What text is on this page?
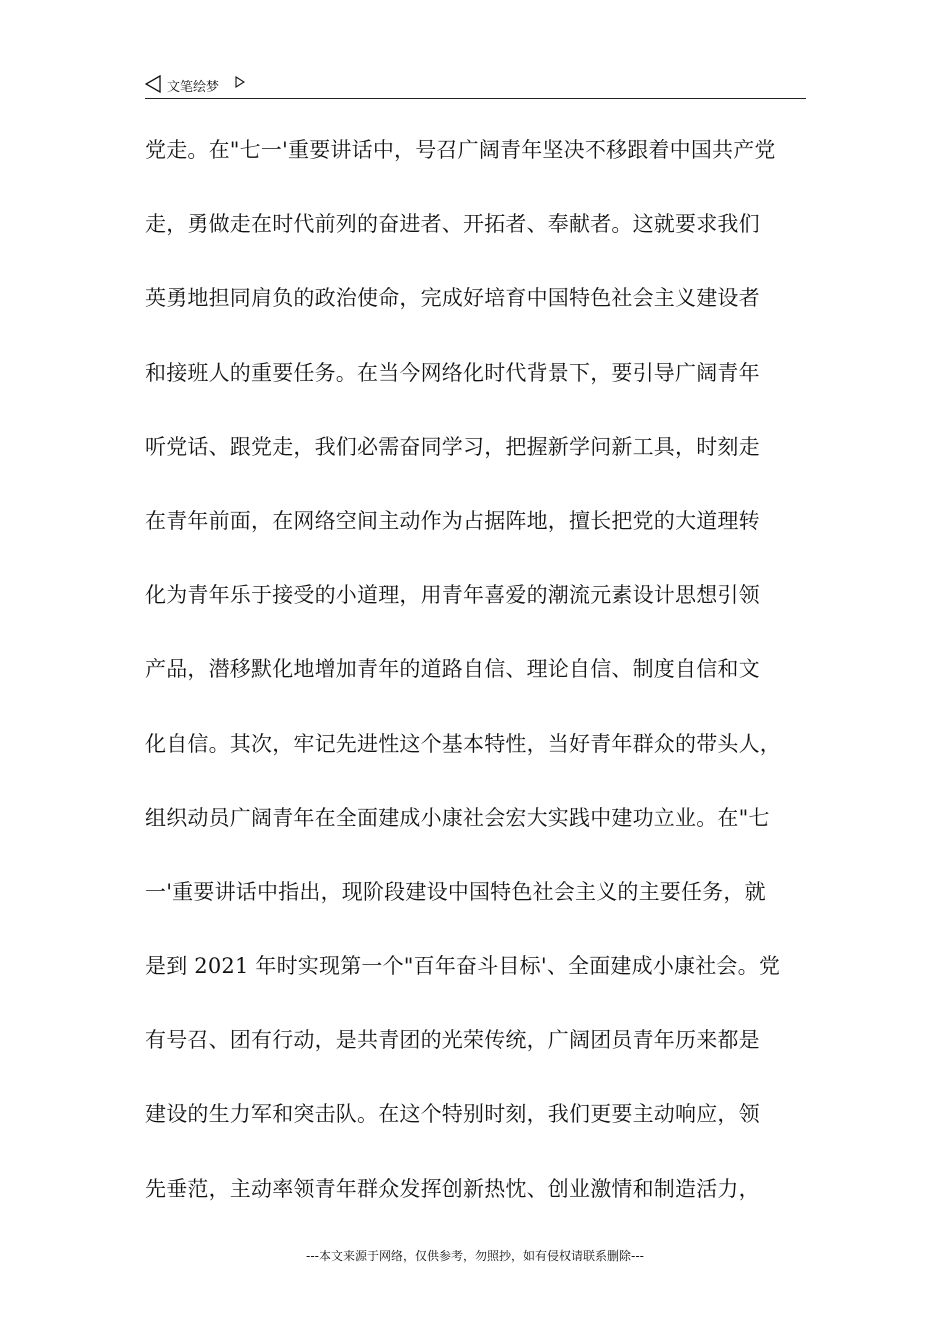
文笔绘梦
党走。在"七一'重要讲话中，号召广阔青年坚决不移跟着中国共产党
走，勇做走在时代前列的奋进者、开拓者、奉献者。这就要求我们
英勇地担同肩负的政治使命，完成好培育中国特色社会主义建设者
和接班人的重要任务。在当今网络化时代背景下，要引导广阔青年
听党话、跟党走，我们必需奋同学习，把握新学问新工具，时刻走
在青年前面，在网络空间主动作为占据阵地，擅长把党的大道理转
化为青年乐于接受的小道理，用青年喜爱的潮流元素设计思想引领
产品，潜移默化地增加青年的道路自信、理论自信、制度自信和文
化自信。其次，牢记先进性这个基本特性，当好青年群众的带头人，
组织动员广阔青年在全面建成小康社会宏大实践中建功立业。在"七
一'重要讲话中指出，现阶段建设中国特色社会主义的主要任务，就
是到 2021 年时实现第一个"百年奋斗目标'、全面建成小康社会。党
有号召、团有行动，是共青团的光荣传统，广阔团员青年历来都是
建设的生力军和突击队。在这个特别时刻，我们更要主动响应，领
先垂范，主动率领青年群众发挥创新热忱、创业激情和制造活力，
---本文来源于网络，仅供参考，勿照抄，如有侵权请联系删除---
